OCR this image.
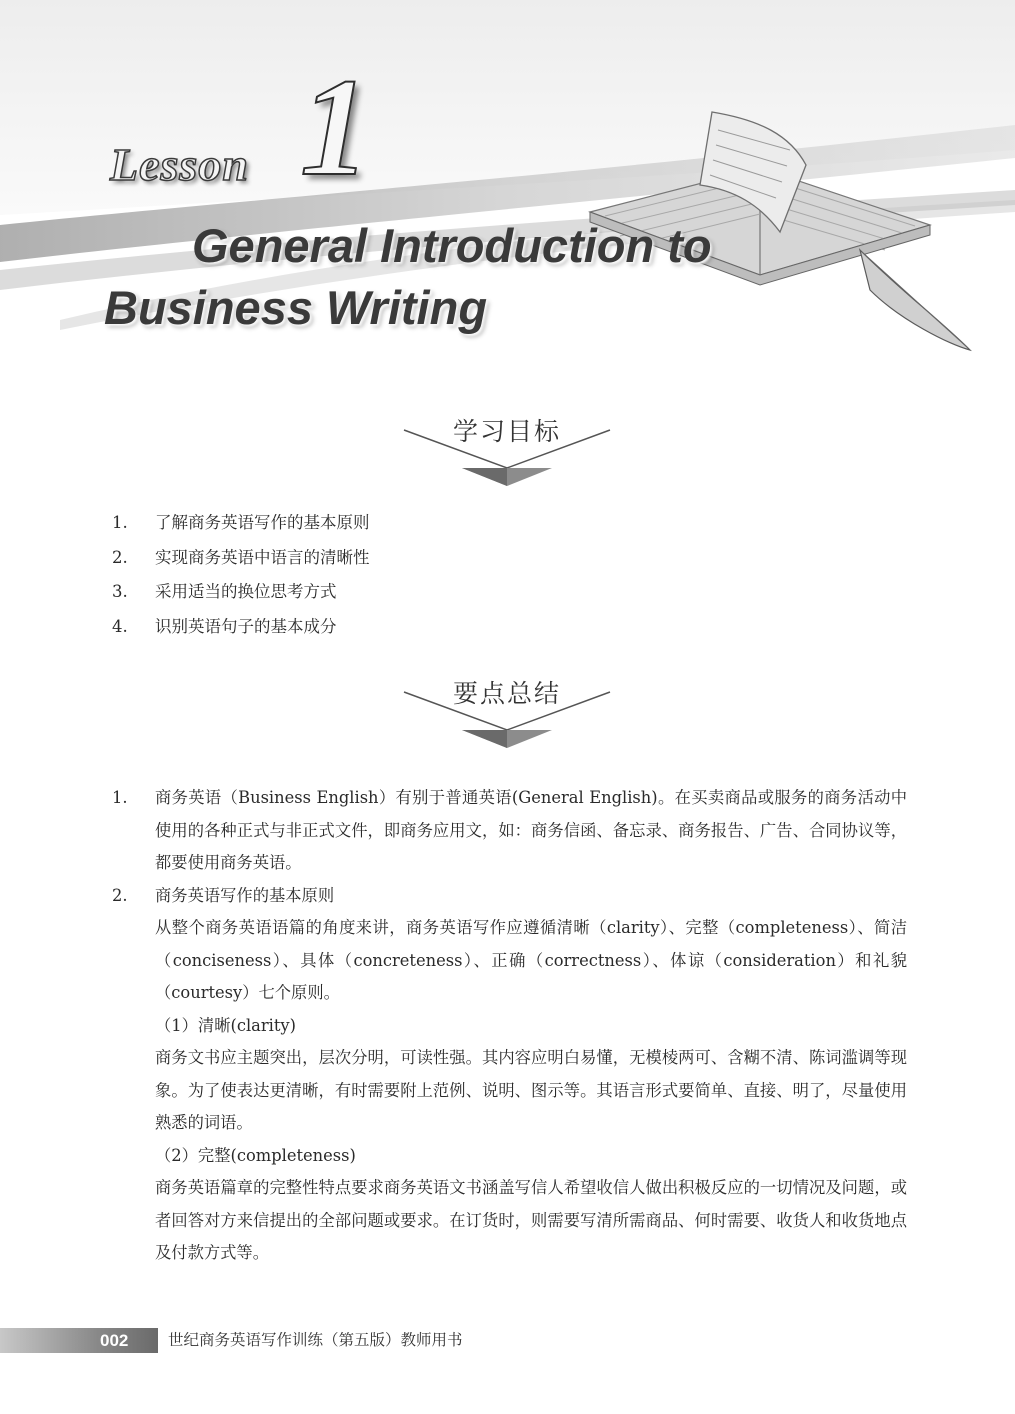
Lesson 1
General Introduction to
Business Writing
学习目标
1. 了解商务英语写作的基本原则
2. 实现商务英语中语言的清晰性
3. 采用适当的换位思考方式
4. 识别英语句子的基本成分
要点总结
1. 商务英语（Business English）有别于普通英语(General English)。在买卖商品或服务的商务活动中使用的各种正式与非正式文件，即商务应用文，如：商务信函、备忘录、商务报告、广告、合同协议等，都要使用商务英语。
2. 商务英语写作的基本原则
从整个商务英语语篇的角度来讲，商务英语写作应遵循清晰（clarity）、完整（completeness）、简洁（conciseness）、具体（concreteness）、正确（correctness）、体谅（consideration）和礼貌（courtesy）七个原则。
（1）清晰(clarity)
商务文书应主题突出，层次分明，可读性强。其内容应明白易懂，无模棱两可、含糊不清、陈词滥调等现象。为了使表达更清晰，有时需要附上范例、说明、图示等。其语言形式要简单、直接、明了，尽量使用熟悉的词语。
（2）完整(completeness)
商务英语篇章的完整性特点要求商务英语文书涵盖写信人希望收信人做出积极反应的一切情况及问题，或者回答对方来信提出的全部问题或要求。在订货时，则需要写清所需商品、何时需要、收货人和收货地点及付款方式等。
002	世纪商务英语写作训练（第五版）教师用书
